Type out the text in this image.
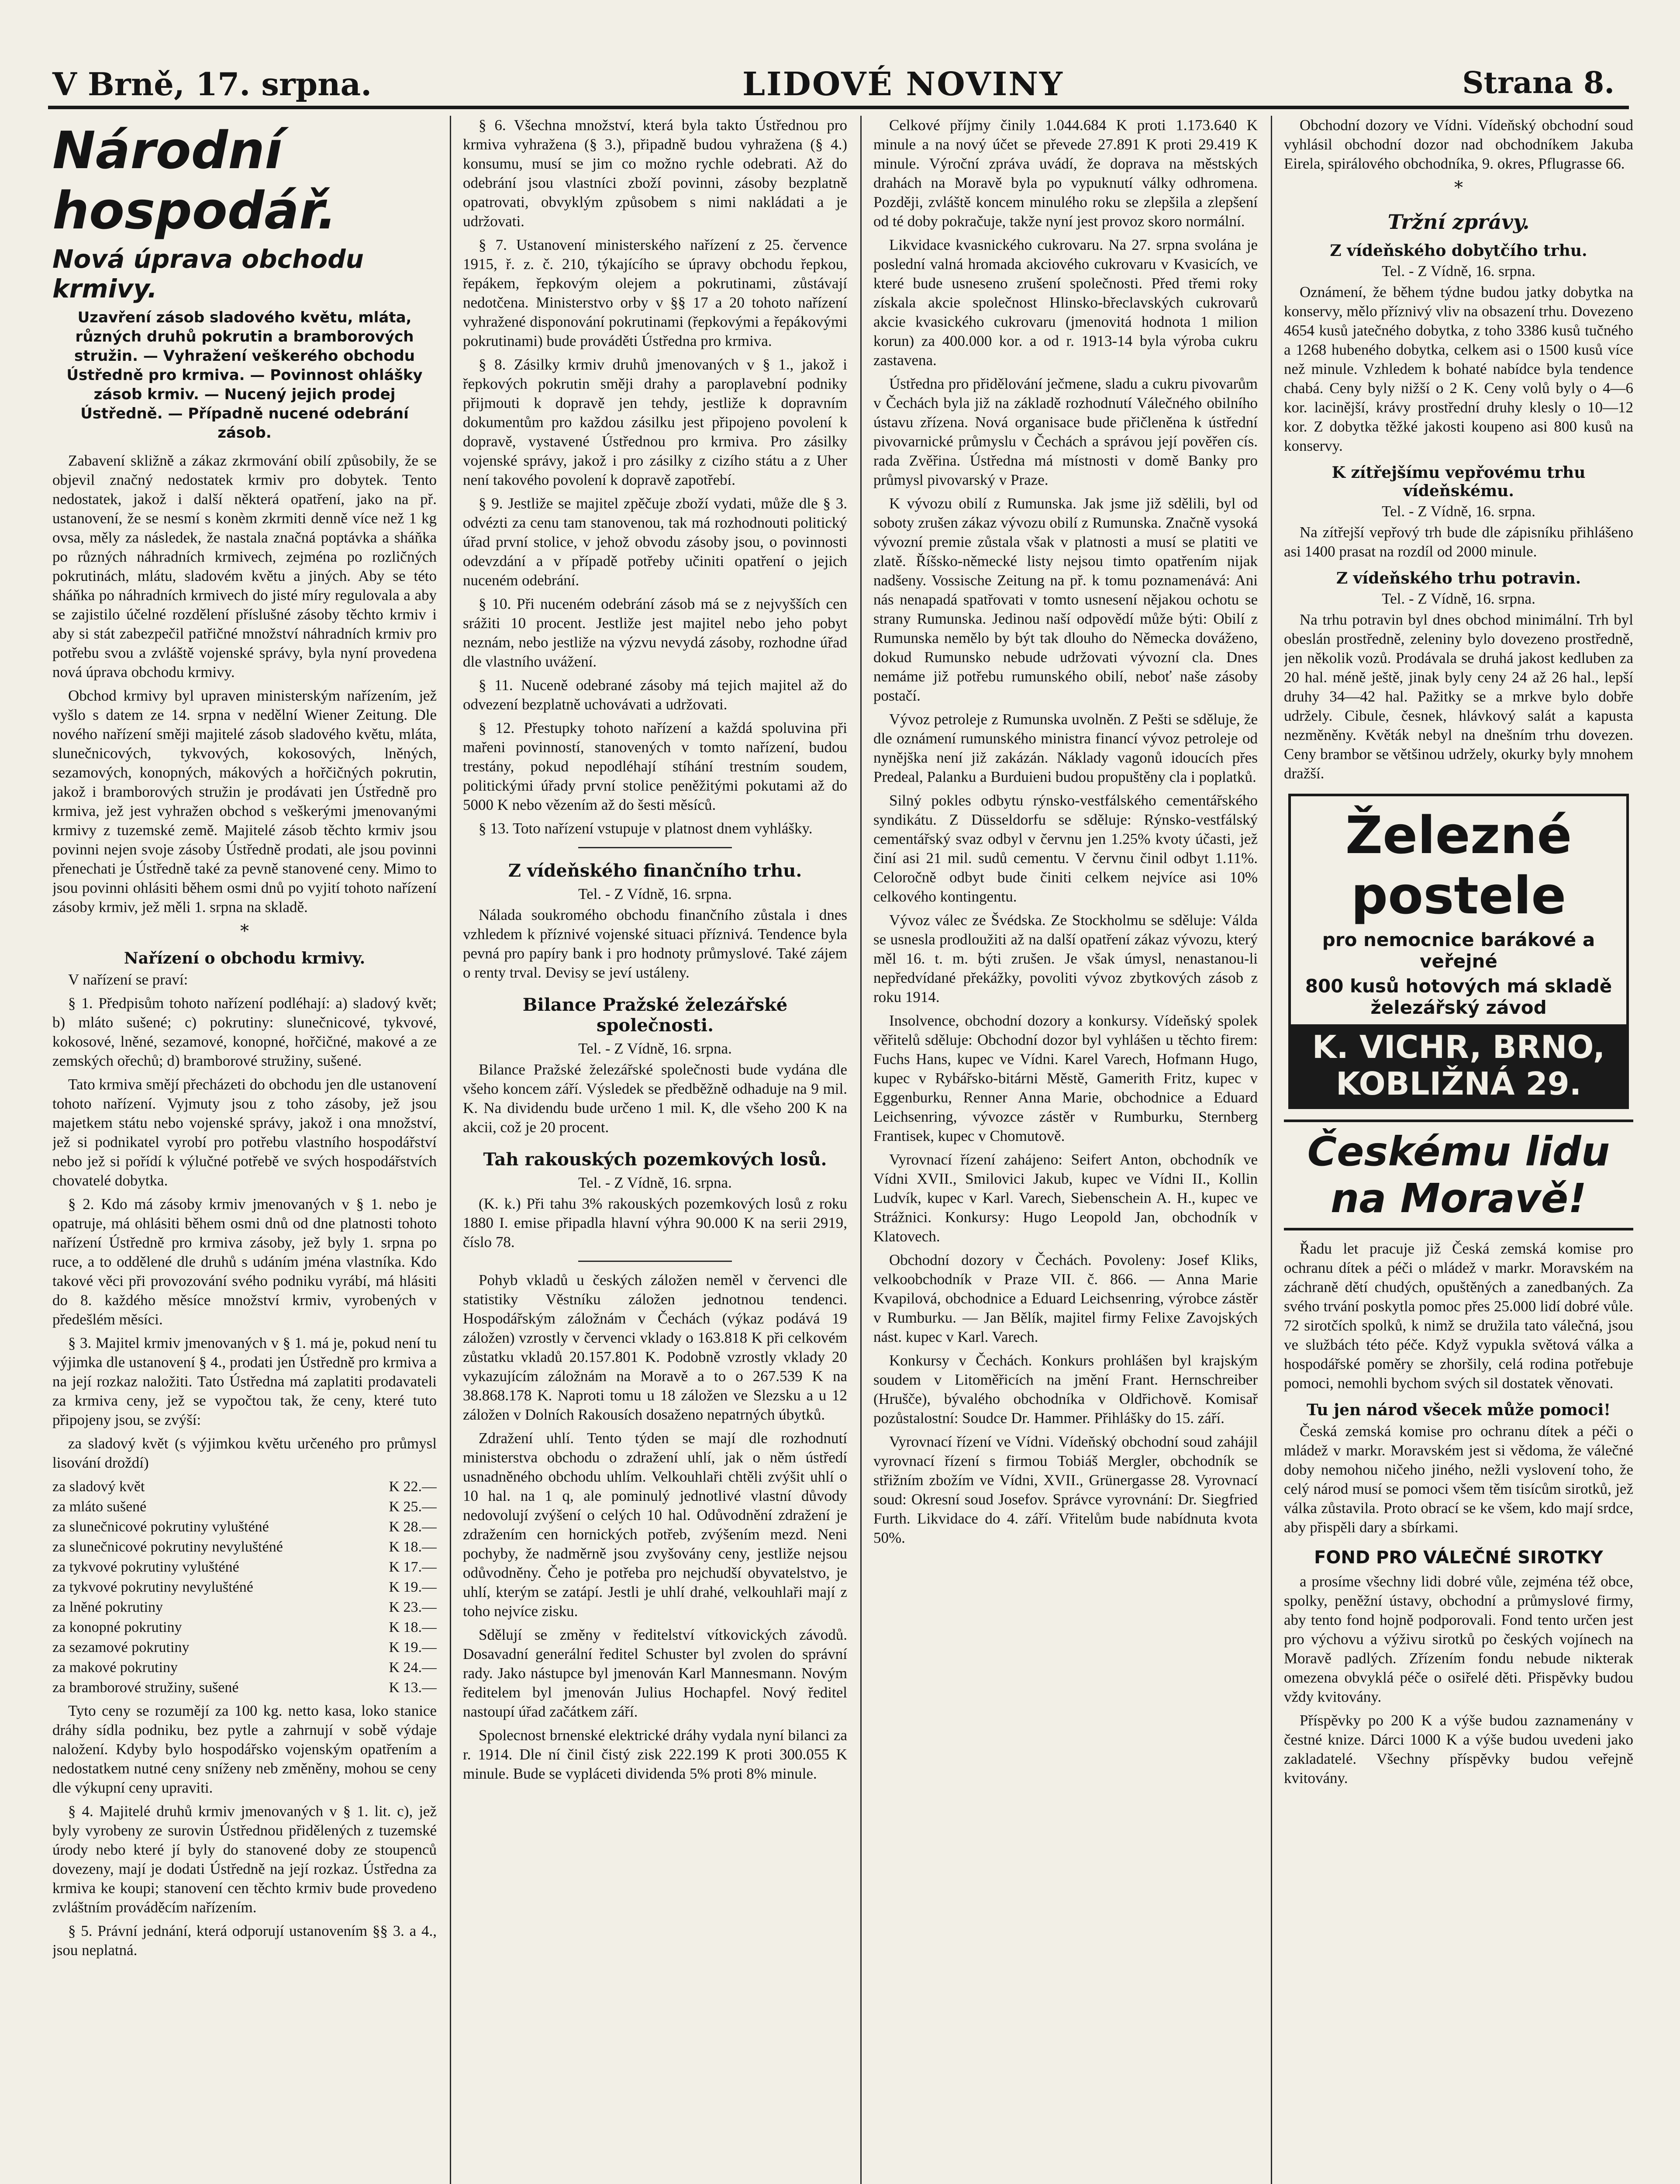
V Brně, 17. srpna.	LIDOVÉ NOVINY	Strana 8.
Národní hospodář.
Nová úprava obchodu krmivy.
Uzavření zásob sladového květu, mláta, různých druhů pokrutin a bramborových stružin. — Vyhražení veškerého obchodu Ústředně pro krmiva. — Povinnost ohlášky zásob krmiv. — Nucený jejich prodej Ústředně. — Případně nucené odebrání zásob.

Zabavení skližně a zákaz zkrmování obilí způsobily, že se objevil značný nedostatek krmiv pro dobytek. Tento nedostatek, jakož i další některá opatření, jako na př. ustanovení, že se nesmí s konèm zkrmiti denně více než 1 kg ovsa, měly za následek, že nastala značná poptávka a sháňka po různých náhradních krmivech, zejména po rozličných pokrutinách, mlátu, sladovém květu a jiných. Aby se této sháňka po náhradních krmivech do jisté míry regulovala a aby se zajistilo účelné rozdělení příslušné zásoby těchto krmiv i aby si stát zabezpečil patřičné množství náhradních krmiv pro potřebu svou a zvláště vojenské správy, byla nyní provedena nová úprava obchodu krmivy.

Obchod krmivy byl upraven ministerským nařízením, jež vyšlo s datem ze 14. srpna v nedělní Wiener Zeitung. Dle nového nařízení směji majitelé zásob sladového květu, mláta, slunečnicových, tykvových, kokosových, lněných, sezamových, konopných, mákových a hořčičných pokrutin, jakož i bramborových stružin je prodávati jen Ústředně pro krmiva, jež jest vyhražen obchod s veškerými jmenovanými krmivy z tuzemské země. Majitelé zásob těchto krmiv jsou povinni nejen svoje zásoby Ústředně prodati, ale jsou povinni přenechati je Ústředně také za pevně stanovené ceny. Mimo to jsou povinni ohlásiti během osmi dnů po vyjití tohoto nařízení zásoby krmiv, jež měli 1. srpna na skladě.

*
Nařízení o obchodu krmivy.

V nařízení se praví:

§ 1. Předpisům tohoto nařízení podléhají: a) sladový květ; b) mláto sušené; c) pokrutiny: slunečnicové, tykvové, kokosové, lněné, sezamové, konopné, hořčičné, makové a ze zemských ořechů; d) bramborové stružiny, sušené.

Tato krmiva smějí přecházeti do obchodu jen dle ustanovení tohoto nařízení. Vyjmuty jsou z toho zásoby, jež jsou majetkem státu nebo vojenské správy, jakož i ona množství, jež si podnikatel vyrobí pro potřebu vlastního hospodářství nebo jež si pořídí k výlučné potřebě ve svých hospodářstvích chovatelé dobytka.

§ 2. Kdo má zásoby krmiv jmenovaných v § 1. nebo je opatruje, má ohlásiti během osmi dnů od dne platnosti tohoto nařízení Ústředně pro krmiva zásoby, jež byly 1. srpna po ruce, a to oddělené dle druhů s udáním jména vlastníka. Kdo takové věci při provozování svého podniku vyrábí, má hlásiti do 8. každého měsíce množství krmiv, vyrobených v předešlém měsíci.

§ 3. Majitel krmiv jmenovaných v § 1. má je, pokud není tu výjimka dle ustanovení § 4., prodati jen Ústředně pro krmiva a na její rozkaz naložiti. Tato Ústředna má zaplatiti prodavateli za krmiva ceny, jež se vypočtou tak, že ceny, které tuto připojeny jsou, se zvýší:

za sladový květ (s výjimkou květu určeného pro průmysl lisování droždí)

za sladový květ	K 22.—
za mláto sušené	K 25.—
za slunečnicové pokrutiny vylušténé	K 28.—
za slunečnicové pokrutiny nevylušténé	K 18.—
za tykvové pokrutiny vylušténé	K 17.—
za tykvové pokrutiny nevylušténé	K 19.—
za lněné pokrutiny	K 23.—
za konopné pokrutiny	K 18.—
za sezamové pokrutiny	K 19.—
za makové pokrutiny	K 24.—
za bramborové stružiny, sušené	K 13.—

Tyto ceny se rozumějí za 100 kg. netto kasa, loko stanice dráhy sídla podniku, bez pytle a zahrnují v sobě výdaje naložení. Kdyby bylo hospodářsko vojenským opatřením a nedostatkem nutné ceny sníženy neb změněny, mohou se ceny dle výkupní ceny upraviti.

§ 4. Majitelé druhů krmiv jmenovaných v § 1. lit. c), jež byly vyrobeny ze surovin Ústřednou přidělených z tuzemské úrody nebo které jí byly do stanovené doby ze stoupenců dovezeny, mají je dodati Ústředně na její rozkaz. Ústředna za krmiva ke koupi; stanovení cen těchto krmiv bude provedeno zvláštním prováděcím nařízením.

§ 5. Právní jednání, která odporují ustanovením §§ 3. a 4., jsou neplatná.

§ 6. Všechna množství, která byla takto Ústřednou pro krmiva vyhražena (§ 3.), připadně budou vyhražena (§ 4.) konsumu, musí se jim co možno rychle odebrati. Až do odebrání jsou vlastníci zboží povinni, zásoby bezplatně opatrovati, obvyklým způsobem s nimi nakládati a je udržovati.

§ 7. Ustanovení ministerského nařízení z 25. července 1915, ř. z. č. 210, týkajícího se úpravy obchodu řepkou, řepákem, řepkovým olejem a pokrutinami, zůstávají nedotčena. Ministerstvo orby v §§ 17 a 20 tohoto nařízení vyhražené disponování pokrutinami (řepkovými a řepákovými pokrutinami) bude prováděti Ústředna pro krmiva.

§ 8. Zásilky krmiv druhů jmenovaných v § 1., jakož i řepkových pokrutin směji drahy a paroplavební podniky přijmouti k dopravě jen tehdy, jestliže k dopravním dokumentům pro každou zásilku jest připojeno povolení k dopravě, vystavené Ústřednou pro krmiva. Pro zásilky vojenské správy, jakož i pro zásilky z cizího státu a z Uher není takového povolení k dopravě zapotřebí.

§ 9. Jestliže se majitel zpěčuje zboží vydati, může dle § 3. odvézti za cenu tam stanovenou, tak má rozhodnouti politický úřad první stolice, v jehož obvodu zásoby jsou, o povinnosti odevzdání a v případě potřeby učiniti opatření o jejich nuceném odebrání.

§ 10. Při nuceném odebrání zásob má se z nejvyšších cen srážiti 10 procent. Jestliže jest majitel nebo jeho pobyt neznám, nebo jestliže na výzvu nevydá zásoby, rozhodne úřad dle vlastního uvážení.

§ 11. Nuceně odebrané zásoby má tejich majitel až do odvezení bezplatně uchovávati a udržovati.

§ 12. Přestupky tohoto nařízení a každá spoluvina při mařeni povinností, stanovených v tomto nařízení, budou trestány, pokud nepodléhají stíhání trestním soudem, politickými úřady první stolice peněžitými pokutami až do 5000 K nebo vězením až do šesti měsíců.

§ 13. Toto nařízení vstupuje v platnost dnem vyhlášky.

Z vídeňského finančního trhu.
Tel. - Z Vídně, 16. srpna.

Nálada soukromého obchodu finančního zůstala i dnes vzhledem k příznivé vojenské situaci příznivá. Tendence byla pevná pro papíry bank i pro hodnoty průmyslové. Také zájem o renty trval. Devisy se jeví ustáleny.

Bilance Pražské železářské společnosti.
Tel. - Z Vídně, 16. srpna.

Bilance Pražské železářské společnosti bude vydána dle všeho koncem září. Výsledek se předběžně odhaduje na 9 mil. K. Na dividendu bude určeno 1 mil. K, dle všeho 200 K na akcii, což je 20 procent.

Tah rakouských pozemkových losů.
Tel. - Z Vídně, 16. srpna.

(K. k.) Při tahu 3% rakouských pozemkových losů z roku 1880 I. emise připadla hlavní výhra 90.000 K na serii 2919, číslo 78.

Pohyb vkladů u českých záložen neměl v červenci dle statistiky Věstníku záložen jednotnou tendenci. Hospodářským záložnám v Čechách (výkaz podává 19 záložen) vzrostly v červenci vklady o 163.818 K při celkovém zůstatku vkladů 20.157.801 K. Podobně vzrostly vklady 20 vykazujícím záložnám na Moravě a to o 267.539 K na 38.868.178 K. Naproti tomu u 18 záložen ve Slezsku a u 12 záložen v Dolních Rakousích dosaženo nepatrných úbytků.

Zdražení uhlí. Tento týden se mají dle rozhodnutí ministerstva obchodu o zdražení uhlí, jak o něm ústředí usnadněného obchodu uhlím. Velkouhlaři chtěli zvýšit uhlí o 10 hal. na 1 q, ale pominulý jednotlivé vlastní důvody nedovolují zvýšení o celých 10 hal. Odůvodnění zdražení je zdražením cen hornických potřeb, zvýšením mezd. Neni pochyby, že nadměrně jsou zvyšovány ceny, jestliže nejsou odůvodněny. Čeho je potřeba pro nejchudší obyvatelstvo, je uhlí, kterým se zatápí. Jestli je uhlí drahé, velkouhlaři mají z toho nejvíce zisku.

Sdělují se změny v ředitelství vítkovických závodů. Dosavadní generální ředitel Schuster byl zvolen do správní rady. Jako nástupce byl jmenován Karl Mannesmann. Novým ředitelem byl jmenován Julius Hochapfel. Nový ředitel nastoupí úřad začátkem září.

Spolecnost brnenské elektrické dráhy vydala nyní bilanci za r. 1914. Dle ní činil čistý zisk 222.199 K proti 300.055 K minule. Bude se vypláceti dividenda 5% proti 8% minule.

Celkové příjmy činily 1.044.684 K proti 1.173.640 K minule a na nový účet se převede 27.891 K proti 29.419 K minule. Výroční zpráva uvádí, že doprava na městských drahách na Moravě byla po vypuknutí války odhromena. Později, zvláště koncem minulého roku se zlepšila a zlepšení od té doby pokračuje, takže nyní jest provoz skoro normální.

Likvidace kvasnického cukrovaru. Na 27. srpna svolána je poslední valná hromada akciového cukrovaru v Kvasicích, ve které bude usneseno zrušení společnosti. Před třemi roky získala akcie společnost Hlinsko-břeclavských cukrovarů akcie kvasického cukrovaru (jmenovitá hodnota 1 milion korun) za 400.000 kor. a od r. 1913-14 byla výroba cukru zastavena.

Ústředna pro přidělování ječmene, sladu a cukru pivovarům v Čechách byla již na základě rozhodnutí Válečného obilního ústavu zřízena. Nová organisace bude přičleněna k ústřední pivovarnické průmyslu v Čechách a správou její pověřen cís. rada Zvěřina. Ústředna má místnosti v domě Banky pro průmysl pivovarský v Praze.

K vývozu obilí z Rumunska. Jak jsme již sdělili, byl od soboty zrušen zákaz vývozu obilí z Rumunska. Značně vysoká vývozní premie zůstala však v platnosti a musí se platiti ve zlatě. Říšsko-německé listy nejsou timto opatřením nijak nadšeny. Vossische Zeitung na př. k tomu poznamenává: Ani nás nenapadá spatřovati v tomto usnesení nějakou ochotu se strany Rumunska. Jedinou naší odpovědí může býti: Obilí z Rumunska nemělo by být tak dlouho do Německa dováženo, dokud Rumunsko nebude udržovati vývozní cla. Dnes nemáme již potřebu rumunského obilí, neboť naše zásoby postačí.

Vývoz petroleje z Rumunska uvolněn. Z Pešti se sděluje, že dle oznámení rumunského ministra financí vývoz petroleje od nynějška není již zakázán. Náklady vagonů idoucích přes Predeal, Palanku a Burduieni budou propuštěny cla i poplatků.

Silný pokles odbytu rýnsko-vestfálského cementářského syndikátu. Z Düsseldorfu se sděluje: Rýnsko-vestfálský cementářský svaz odbyl v červnu jen 1.25% kvoty účasti, jež činí asi 21 mil. sudů cementu. V červnu činil odbyt 1.11%. Celoročně odbyt bude činiti celkem nejvíce asi 10% celkového kontingentu.

Vývoz válec ze Švédska. Ze Stockholmu se sděluje: Válda se usnesla prodloužiti až na další opatření zákaz vývozu, který měl 16. t. m. býti zrušen. Je však úmysl, nenastanou-li nepředvídané překážky, povoliti vývoz zbytkových zásob z roku 1914.

Insolvence, obchodní dozory a konkursy. Vídeňský spolek věřitelů sděluje: Obchodní dozor byl vyhlášen u těchto firem: Fuchs Hans, kupec ve Vídni. Karel Varech, Hofmann Hugo, kupec v Rybářsko-bitárni Městě, Gamerith Fritz, kupec v Eggenburku, Renner Anna Marie, obchodnice a Eduard Leichsenring, vývozce zástěr v Rumburku, Sternberg Frantisek, kupec v Chomutově.

Vyrovnací řízení zahájeno: Seifert Anton, obchodník ve Vídni XVII., Smilovici Jakub, kupec ve Vídni II., Kollin Ludvík, kupec v Karl. Varech, Siebenschein A. H., kupec ve Strážnici. Konkursy: Hugo Leopold Jan, obchodník v Klatovech.

Obchodní dozory v Čechách. Povoleny: Josef Kliks, velkoobchodník v Praze VII. č. 866. — Anna Marie Kvapilová, obchodnice a Eduard Leichsenring, výrobce zástěr v Rumburku. — Jan Bělík, majitel firmy Felixe Zavojských nást. kupec v Karl. Varech.

Konkursy v Čechách. Konkurs prohlášen byl krajským soudem v Litoměřicích na jmění Frant. Hernschreiber (Hrušče), bývalého obchodníka v Oldřichově. Komisař pozůstalostní: Soudce Dr. Hammer. Přihlášky do 15. září.

Vyrovnací řízení ve Vídni. Vídeňský obchodní soud zahájil vyrovnací řízení s firmou Tobiáš Mergler, obchodník se střižním zbožím ve Vídni, XVII., Grünergasse 28. Vyrovnací soud: Okresní soud Josefov. Správce vyrovnání: Dr. Siegfried Furth. Likvidace do 4. září. Vřitelům bude nabídnuta kvota 50%.

Obchodní dozory ve Vídni. Vídeňský obchodní soud vyhlásil obchodní dozor nad obchodníkem Jakuba Eirela, spirálového obchodníka, 9. okres, Pflugrasse 66.

*
Tržní zprávy.
Z vídeňského dobytčího trhu.
Tel. - Z Vídně, 16. srpna.

Oznámení, že během týdne budou jatky dobytka na konservy, mělo příznivý vliv na obsazení trhu. Dovezeno 4654 kusů jatečného dobytka, z toho 3386 kusů tučného a 1268 hubeného dobytka, celkem asi o 1500 kusů více než minule. Vzhledem k bohaté nabídce byla tendence chabá. Ceny byly nižší o 2 K. Ceny volů byly o 4—6 kor. lacinější, krávy prostřední druhy klesly o 10—12 kor. Z dobytka těžké jakosti koupeno asi 800 kusů na konservy.

K zítřejšímu vepřovému trhu vídeňskému.
Tel. - Z Vídně, 16. srpna.

Na zítřejší vepřový trh bude dle zápisníku přihlášeno asi 1400 prasat na rozdíl od 2000 minule.

Z vídeňského trhu potravin.
Tel. - Z Vídně, 16. srpna.

Na trhu potravin byl dnes obchod minimální. Trh byl obeslán prostředně, zeleniny bylo dovezeno prostředně, jen několik vozů. Prodávala se druhá jakost kedluben za 20 hal. méně ještě, jinak byly ceny 24 až 26 hal., lepší druhy 34—42 hal. Pažitky se a mrkve bylo dobře udržely. Cibule, česnek, hlávkový salát a kapusta nezměněny. Květák nebyl na dnešním trhu dovezen. Ceny brambor se většinou udržely, okurky byly mnohem dražší.

Železné postele
pro nemocnice barákové a veřejné
800 kusů hotových má skladě železářský závod
K. VICHR, BRNO, KOBLIŽNÁ 29.
Českému lidu na Moravě!

Řadu let pracuje již Česká zemská komise pro ochranu dítek a péči o mládež v markr. Moravském na záchraně dětí chudých, opuštěných a zanedbaných. Za svého trvání poskytla pomoc přes 25.000 lidí dobré vůle. 72 sirotčích spolků, k nimž se družila tato válečná, jsou ve službách této péče. Když vypukla světová válka a hospodářské poměry se zhoršily, celá rodina potřebuje pomoci, nemohli bychom svých sil dostatek věnovati.

Tu jen národ všecek může pomoci!

Česká zemská komise pro ochranu dítek a péči o mládež v markr. Moravském jest si vědoma, že válečné doby nemohou ničeho jiného, nežli vyslovení toho, že celý národ musí se pomoci všem těm tisícům sirotků, jež válka zůstavila. Proto obrací se ke všem, kdo mají srdce, aby přispěli dary a sbírkami.

FOND PRO VÁLEČNÉ SIROTKY

a prosíme všechny lidi dobré vůle, zejména též obce, spolky, peněžní ústavy, obchodní a průmyslové firmy, aby tento fond hojně podporovali. Fond tento určen jest pro výchovu a výživu sirotků po českých vojínech na Moravě padlých. Zřízením fondu nebude nikterak omezena obvyklá péče o osiřelé děti. Přispěvky budou vždy kvitovány.

Příspěvky po 200 K a výše budou zaznamenány v čestné knize. Dárci 1000 K a výše budou uvedeni jako zakladatelé. Všechny příspěvky budou veřejně kvitovány.
